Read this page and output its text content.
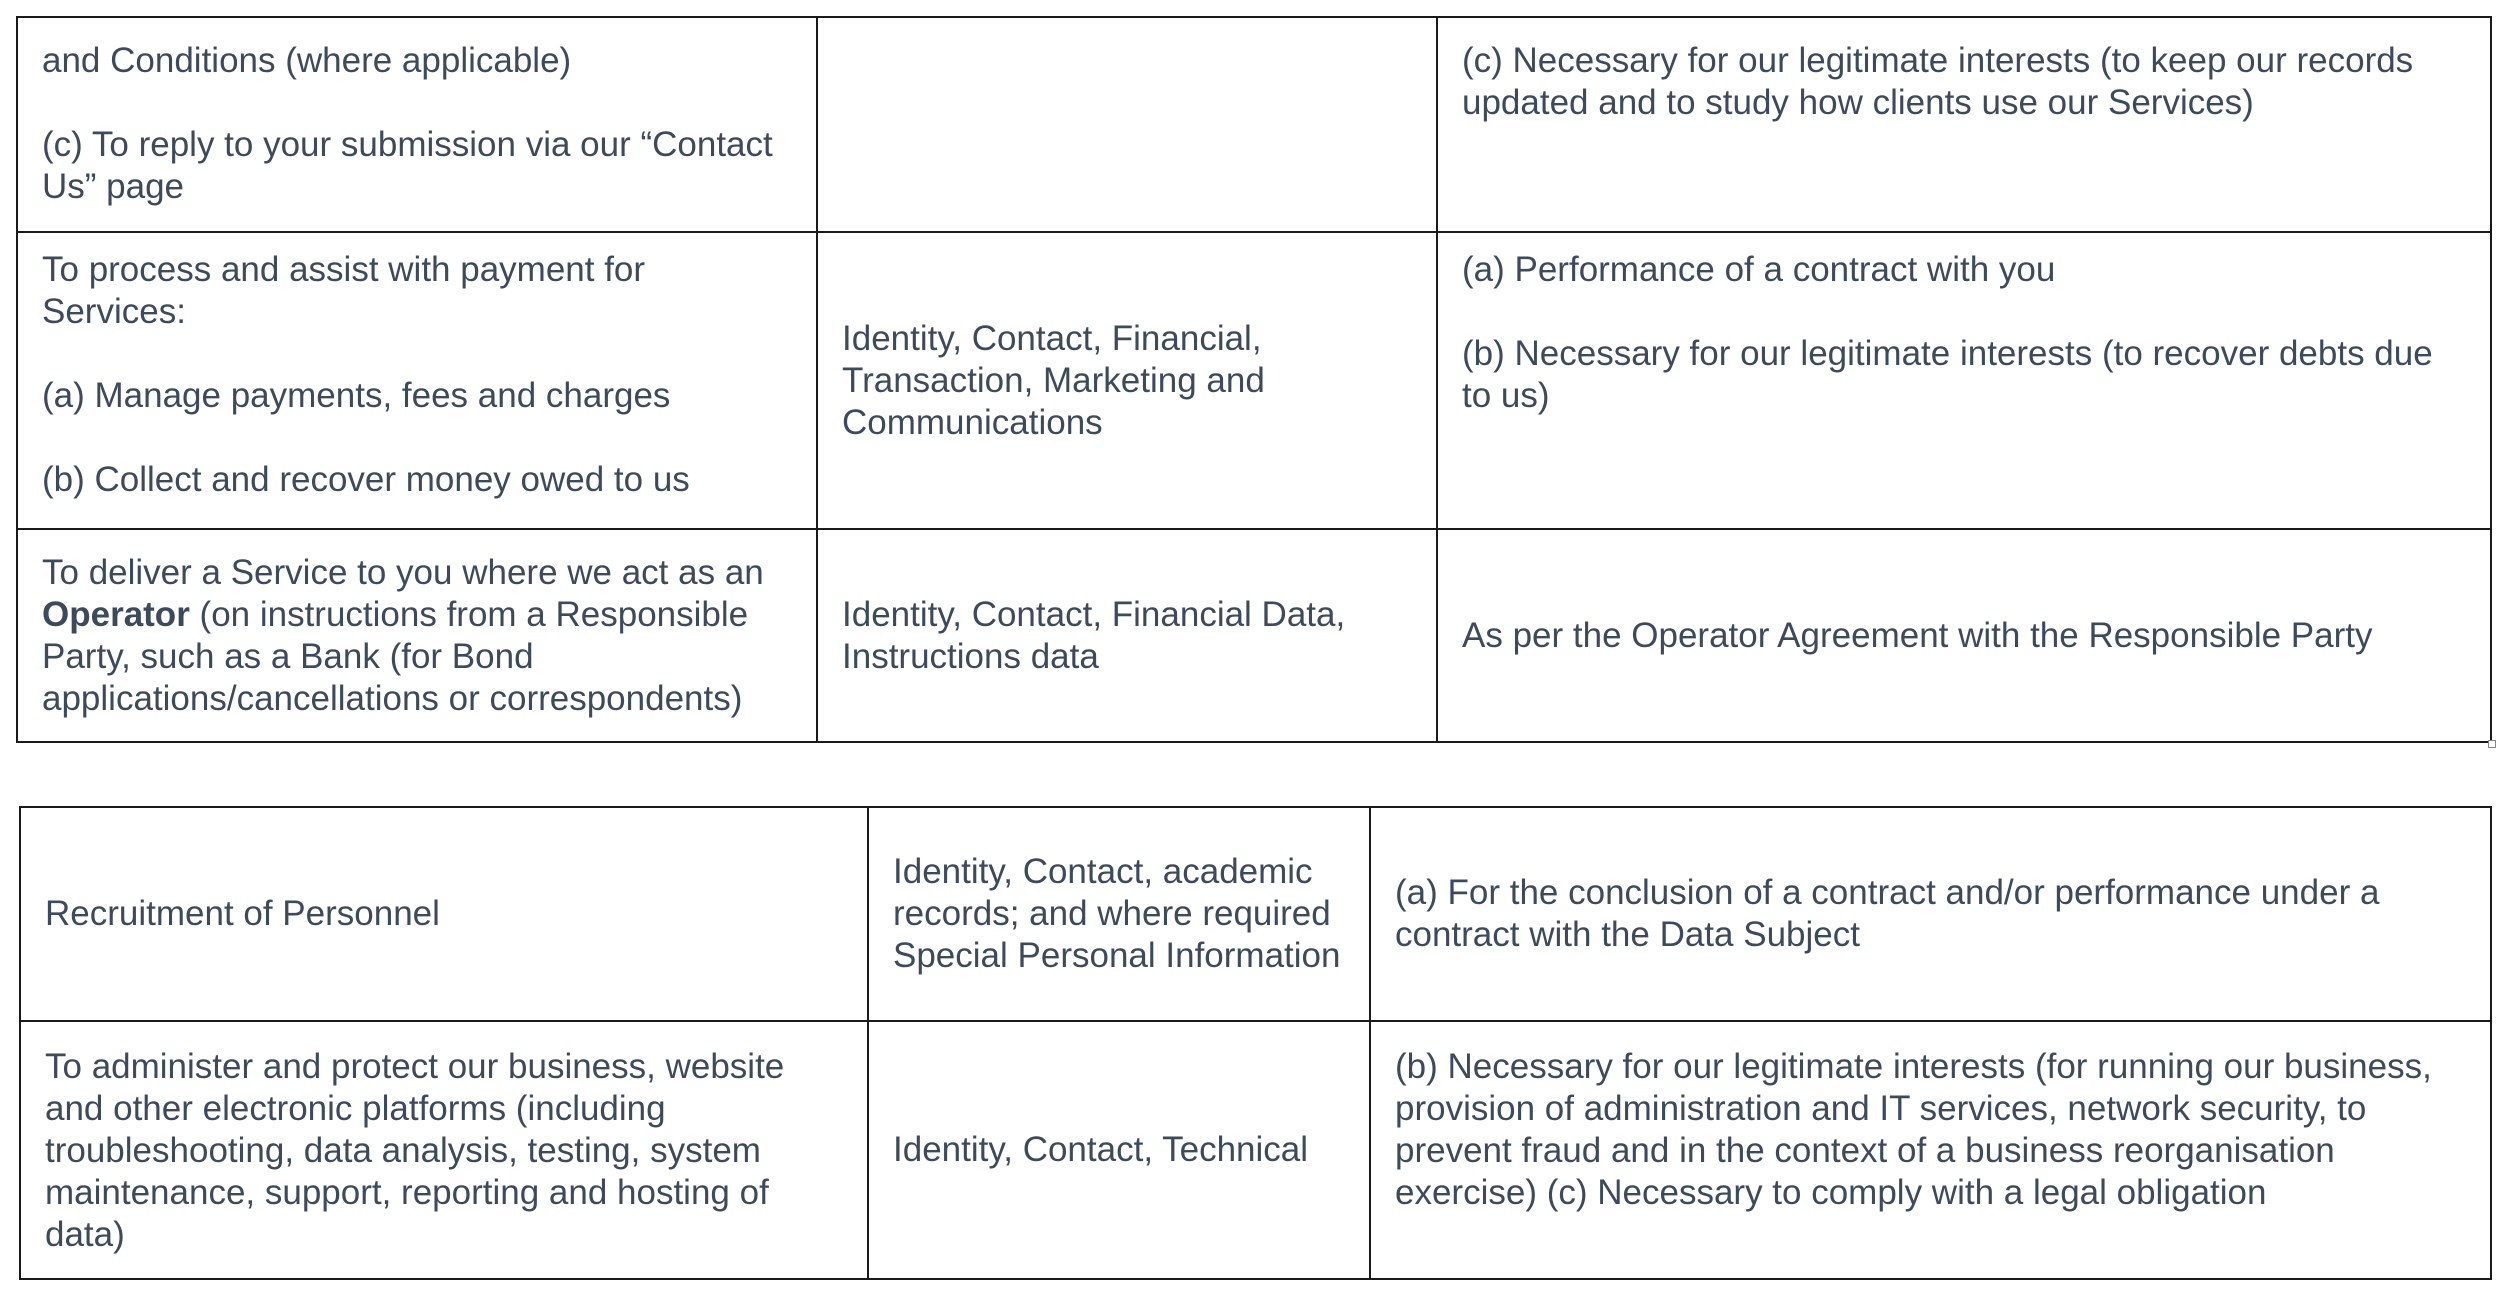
and Conditions (where applicable)
(c) To reply to your submission via our “Contact Us” page		(c) Necessary for our legitimate interests (to keep our records updated and to study how clients use our Services)

To process and assist with payment for Services:
(a) Manage payments, fees and charges
(b) Collect and recover money owed to us	Identity, Contact, Financial, Transaction, Marketing and Communications	(a) Performance of a contract with you
(b) Necessary for our legitimate interests (to recover debts due to us)

To deliver a Service to you where we act as an Operator (on instructions from a Responsible Party, such as a Bank (for Bond applications/cancellations or correspondents)	Identity, Contact, Financial Data, Instructions data	As per the Operator Agreement with the Responsible Party
Recruitment of Personnel	Identity, Contact, academic records; and where required Special Personal Information	(a) For the conclusion of a contract and/or performance under a contract with the Data Subject

To administer and protect our business, website and other electronic platforms (including troubleshooting, data analysis, testing, system maintenance, support, reporting and hosting of data)	Identity, Contact, Technical	(b) Necessary for our legitimate interests (for running our business, provision of administration and IT services, network security, to prevent fraud and in the context of a business reorganisation exercise) (c) Necessary to comply with a legal obligation
